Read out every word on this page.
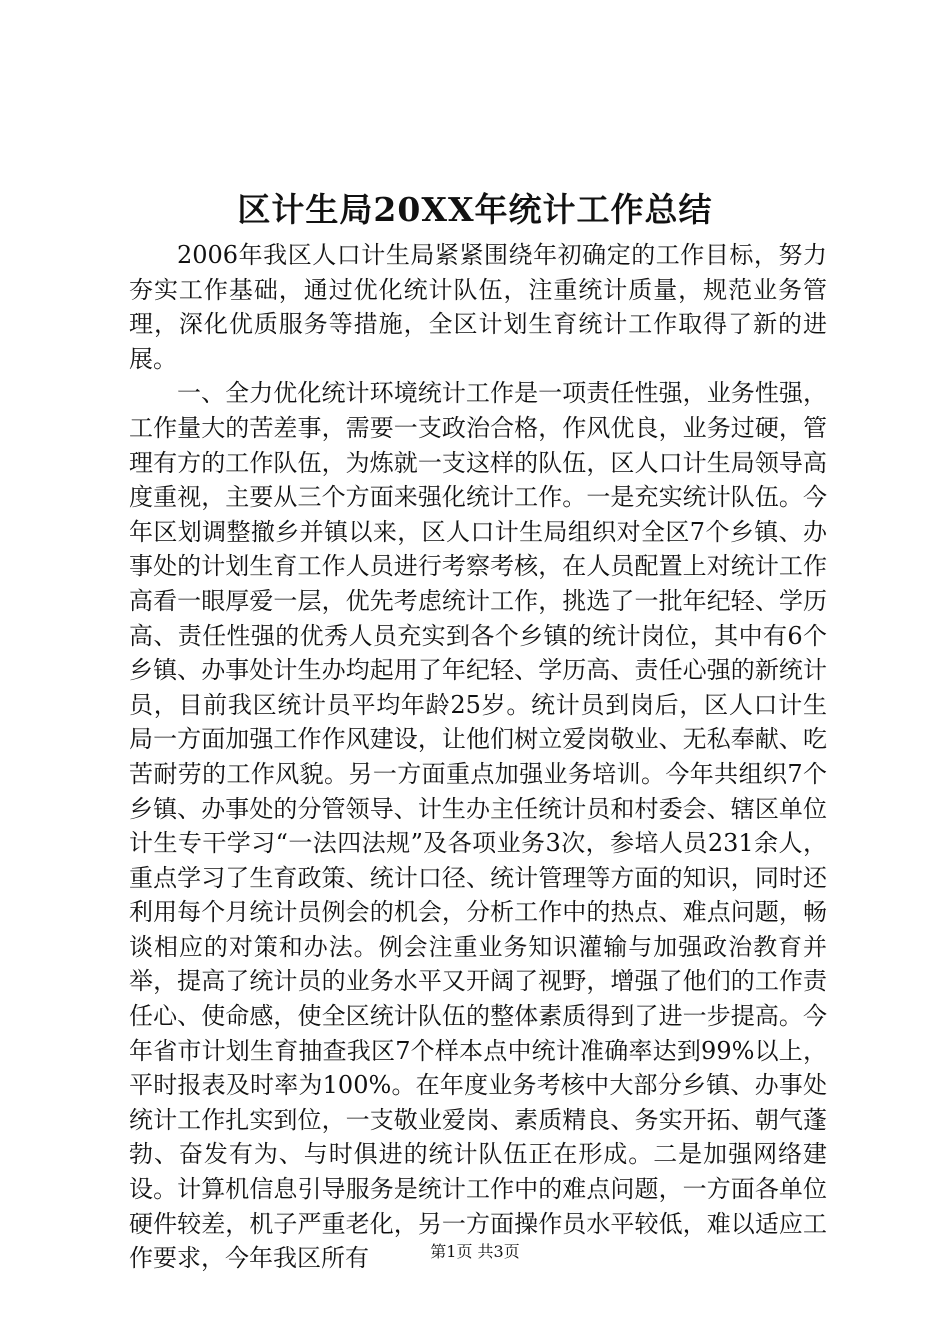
区计生局20XX年统计工作总结

2006年我区人口计生局紧紧围绕年初确定的工作目标，努力夯实工作基础，通过优化统计队伍，注重统计质量，规范业务管理，深化优质服务等措施，全区计划生育统计工作取得了新的进展。

一、全力优化统计环境统计工作是一项责任性强，业务性强，工作量大的苦差事，需要一支政治合格，作风优良，业务过硬，管理有方的工作队伍，为炼就一支这样的队伍，区人口计生局领导高度重视，主要从三个方面来强化统计工作。一是充实统计队伍。今年区划调整撤乡并镇以来，区人口计生局组织对全区7个乡镇、办事处的计划生育工作人员进行考察考核，在人员配置上对统计工作高看一眼厚爱一层，优先考虑统计工作，挑选了一批年纪轻、学历高、责任性强的优秀人员充实到各个乡镇的统计岗位，其中有6个乡镇、办事处计生办均起用了年纪轻、学历高、责任心强的新统计员，目前我区统计员平均年龄25岁。统计员到岗后，区人口计生局一方面加强工作作风建设，让他们树立爱岗敬业、无私奉献、吃苦耐劳的工作风貌。另一方面重点加强业务培训。今年共组织7个乡镇、办事处的分管领导、计生办主任统计员和村委会、辖区单位计生专干学习“一法四法规”及各项业务3次，参培人员231余人，重点学习了生育政策、统计口径、统计管理等方面的知识，同时还利用每个月统计员例会的机会，分析工作中的热点、难点问题，畅谈相应的对策和办法。例会注重业务知识灌输与加强政治教育并举，提高了统计员的业务水平又开阔了视野，增强了他们的工作责任心、使命感，使全区统计队伍的整体素质得到了进一步提高。今年省市计划生育抽查我区7个样本点中统计准确率达到99%以上，平时报表及时率为100%。在年度业务考核中大部分乡镇、办事处统计工作扎实到位，一支敬业爱岗、素质精良、务实开拓、朝气蓬勃、奋发有为、与时俱进的统计队伍正在形成。二是加强网络建设。计算机信息引导服务是统计工作中的难点问题，一方面各单位硬件较差，机子严重老化，另一方面操作员水平较低，难以适应工作要求，今年我区所有	第1页 共3页
